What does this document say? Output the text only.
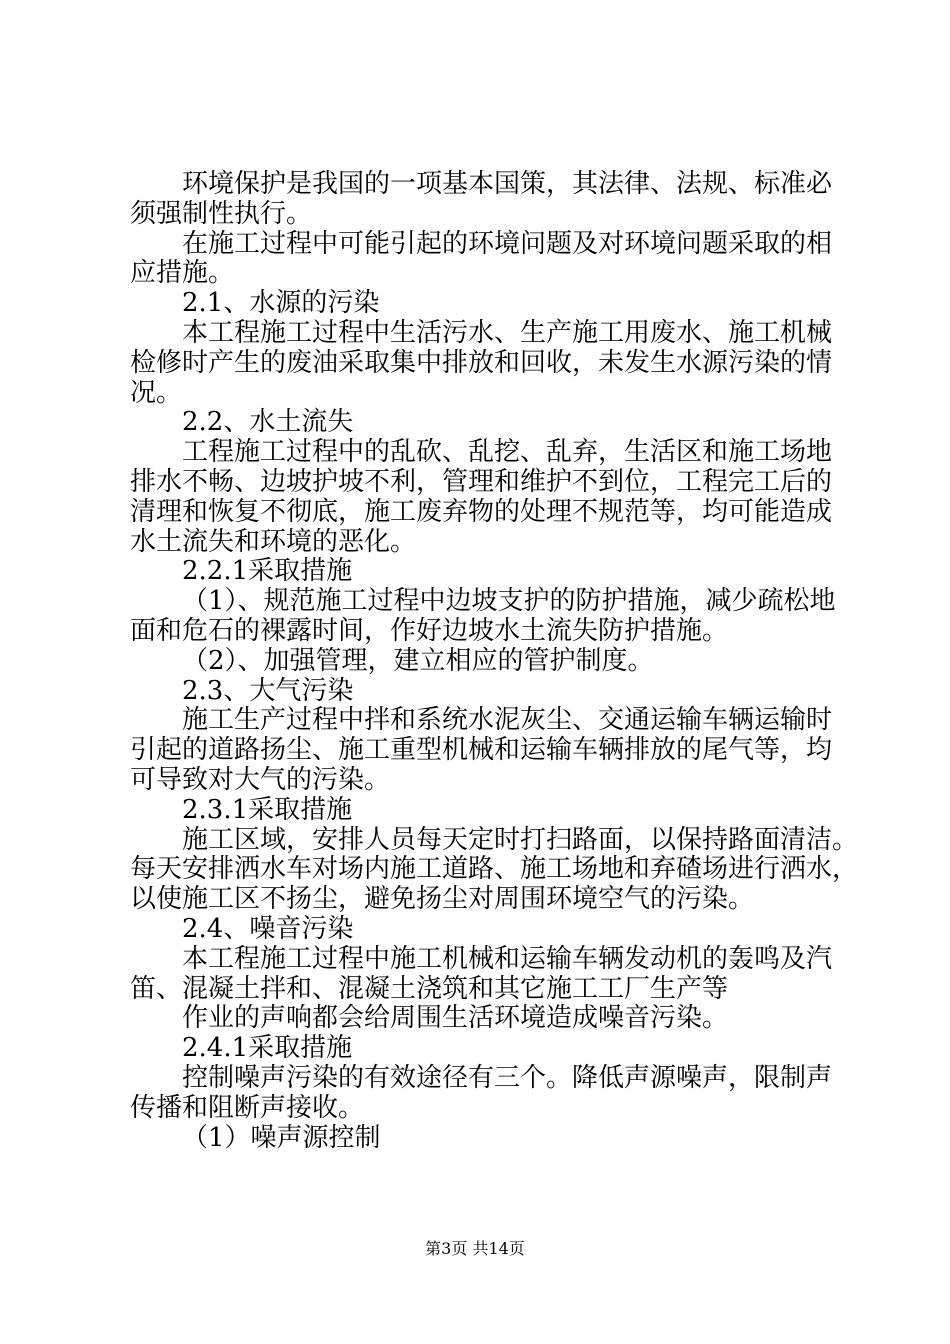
环境保护是我国的一项基本国策，其法律、法规、标准必
须强制性执行。
在施工过程中可能引起的环境问题及对环境问题采取的相
应措施。
2.1、水源的污染
本工程施工过程中生活污水、生产施工用废水、施工机械
检修时产生的废油采取集中排放和回收，未发生水源污染的情
况。
2.2、水土流失
工程施工过程中的乱砍、乱挖、乱弃，生活区和施工场地
排水不畅、边坡护坡不利，管理和维护不到位，工程完工后的
清理和恢复不彻底，施工废弃物的处理不规范等，均可能造成
水土流失和环境的恶化。
2.2.1采取措施
（1）、规范施工过程中边坡支护的防护措施，减少疏松地
面和危石的裸露时间，作好边坡水土流失防护措施。
（2）、加强管理，建立相应的管护制度。
2.3、大气污染
施工生产过程中拌和系统水泥灰尘、交通运输车辆运输时
引起的道路扬尘、施工重型机械和运输车辆排放的尾气等，均
可导致对大气的污染。
2.3.1采取措施
施工区域，安排人员每天定时打扫路面，以保持路面清洁。
每天安排洒水车对场内施工道路、施工场地和弃碴场进行洒水，
以使施工区不扬尘，避免扬尘对周围环境空气的污染。
2.4、噪音污染
本工程施工过程中施工机械和运输车辆发动机的轰鸣及汽
笛、混凝土拌和、混凝土浇筑和其它施工工厂生产等
作业的声响都会给周围生活环境造成噪音污染。
2.4.1采取措施
控制噪声污染的有效途径有三个。降低声源噪声，限制声
传播和阻断声接收。
（1）噪声源控制
第3页 共14页
